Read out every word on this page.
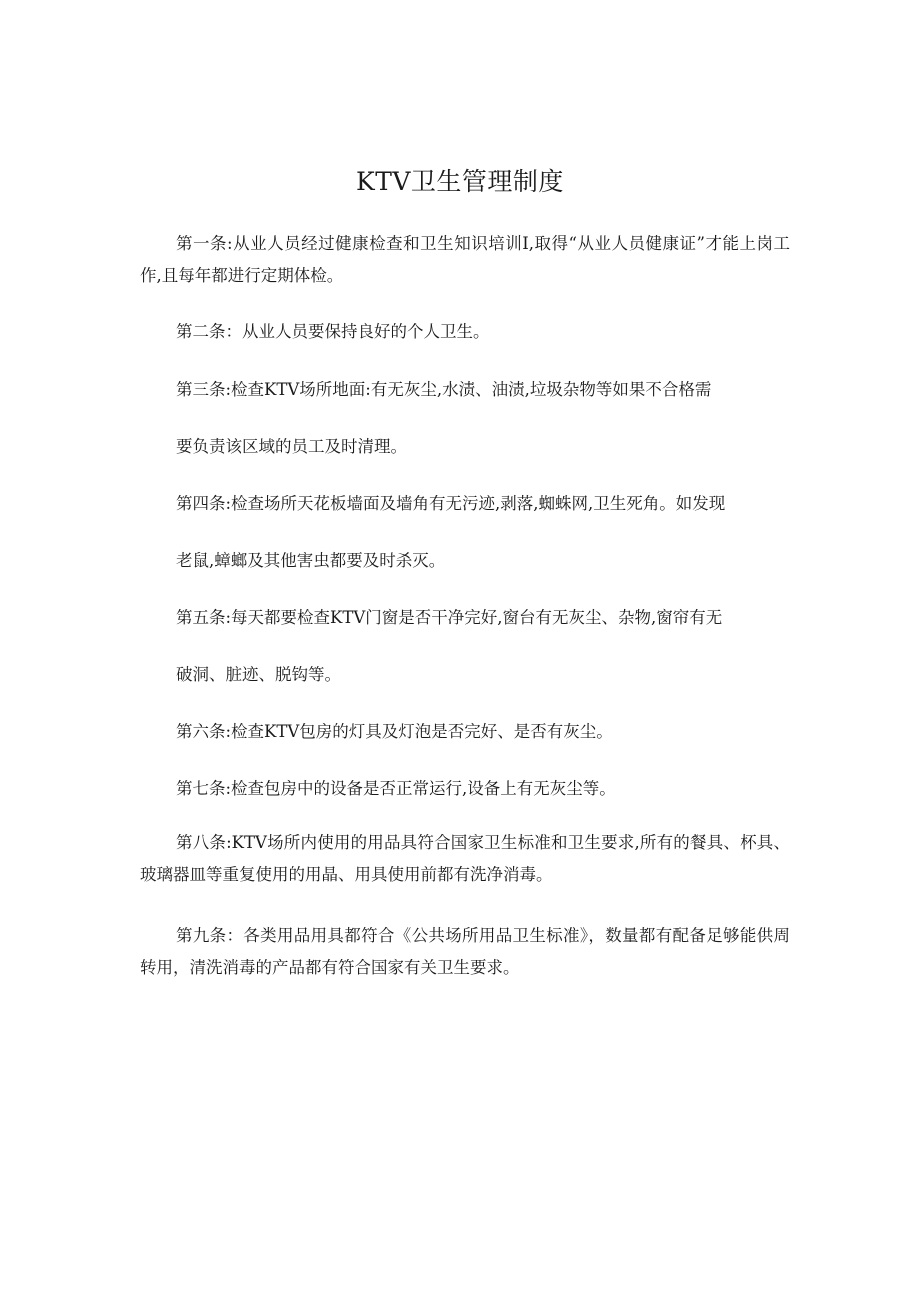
KTV卫生管理制度

第一条:从业人员经过健康检查和卫生知识培训I,取得“从业人员健康证”才能上岗工作,且每年都进行定期体检。

第二条：从业人员要保持良好的个人卫生。

第三条:检查KTV场所地面:有无灰尘,水渍、油渍,垃圾杂物等如果不合格需

要负责该区域的员工及时清理。

第四条:检查场所天花板墙面及墙角有无污迹,剥落,蜘蛛网,卫生死角。如发现

老鼠,蟑螂及其他害虫都要及时杀灭。

第五条:每天都要检查KTV门窗是否干净完好,窗台有无灰尘、杂物,窗帘有无

破洞、脏迹、脱钩等。

第六条:检查KTV包房的灯具及灯泡是否完好、是否有灰尘。

第七条:检查包房中的设备是否正常运行,设备上有无灰尘等。

第八条:KTV场所内使用的用品具符合国家卫生标准和卫生要求,所有的餐具、杯具、玻璃器皿等重复使用的用晶、用具使用前都有洗净消毒。

第九条：各类用品用具都符合《公共场所用品卫生标准》，数量都有配备足够能供周转用，清洗消毒的产品都有符合国家有关卫生要求。
